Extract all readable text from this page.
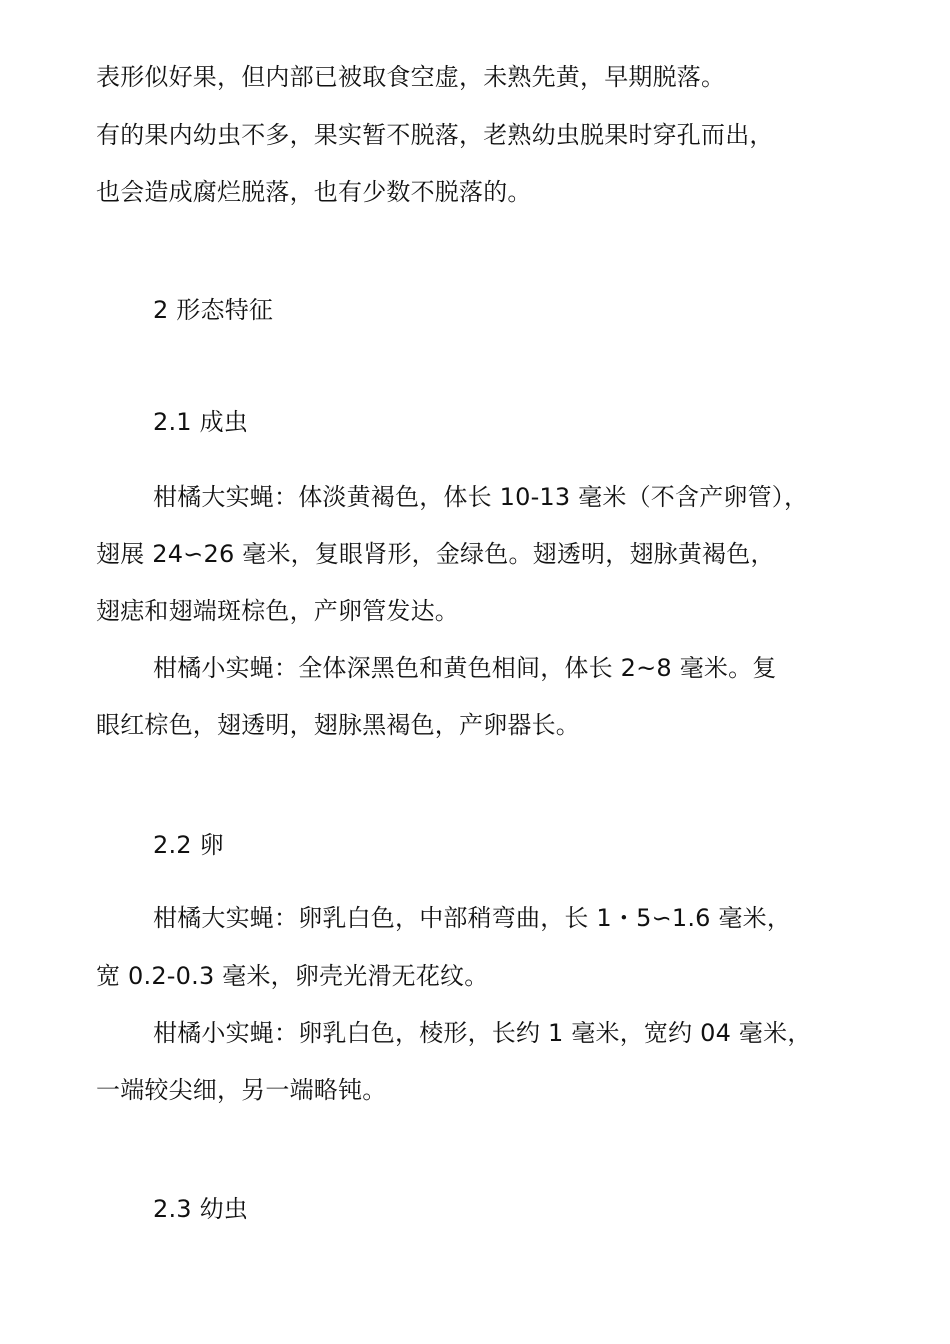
表形似好果，但内部已被取食空虚，未熟先黄，早期脱落。
有的果内幼虫不多，果实暂不脱落，老熟幼虫脱果时穿孔而出，
也会造成腐烂脱落，也有少数不脱落的。
2 形态特征
2.1 成虫
柑橘大实蝇：体淡黄褐色，体长 10-13 毫米（不含产卵管），
翅展 24∽26 毫米，复眼肾形，金绿色。翅透明，翅脉黄褐色，
翅痣和翅端斑棕色，产卵管发达。
柑橘小实蝇：全体深黑色和黄色相间，体长 2~8 毫米。复
眼红棕色，翅透明，翅脉黑褐色，产卵器长。
2.2 卵
柑橘大实蝇：卵乳白色，中部稍弯曲，长 1・5∽1.6 毫米，
宽 0.2-0.3 毫米，卵壳光滑无花纹。
柑橘小实蝇：卵乳白色，棱形，长约 1 毫米，宽约 04 毫米，
一端较尖细，另一端略钝。
2.3 幼虫
